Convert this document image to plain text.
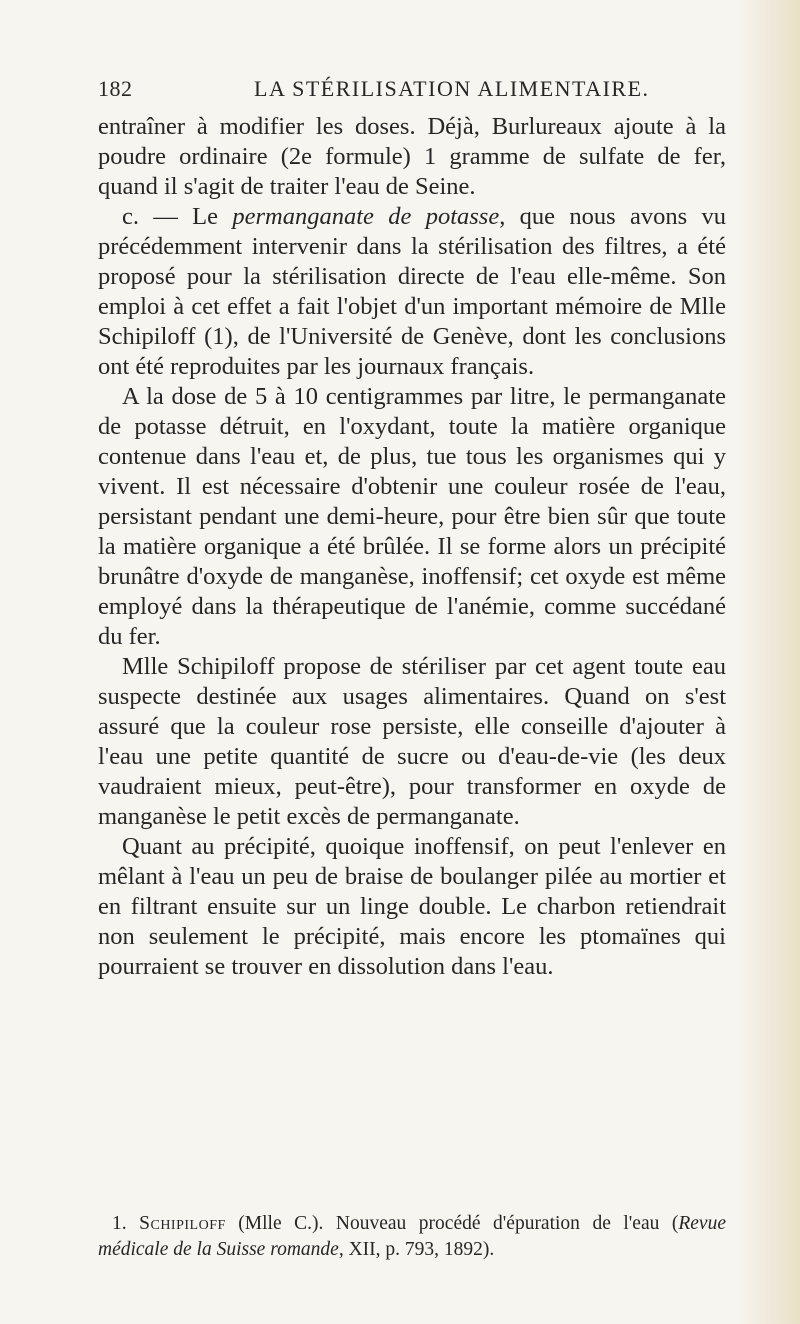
182	LA STÉRILISATION ALIMENTAIRE.

entraîner à modifier les doses. Déjà, Burlureaux ajoute à la poudre ordinaire (2e formule) 1 gramme de sulfate de fer, quand il s'agit de traiter l'eau de Seine.

c. — Le permanganate de potasse, que nous avons vu précédemment intervenir dans la stérilisation des filtres, a été proposé pour la stérilisation directe de l'eau elle-même. Son emploi à cet effet a fait l'objet d'un important mémoire de Mlle Schipiloff (1), de l'Université de Genève, dont les conclusions ont été reproduites par les journaux français.

A la dose de 5 à 10 centigrammes par litre, le permanganate de potasse détruit, en l'oxydant, toute la matière organique contenue dans l'eau et, de plus, tue tous les organismes qui y vivent. Il est nécessaire d'obtenir une couleur rosée de l'eau, persistant pendant une demi-heure, pour être bien sûr que toute la matière organique a été brûlée. Il se forme alors un précipité brunâtre d'oxyde de manganèse, inoffensif; cet oxyde est même employé dans la thérapeutique de l'anémie, comme succédané du fer.

Mlle Schipiloff propose de stériliser par cet agent toute eau suspecte destinée aux usages alimentaires. Quand on s'est assuré que la couleur rose persiste, elle conseille d'ajouter à l'eau une petite quantité de sucre ou d'eau-de-vie (les deux vaudraient mieux, peut-être), pour transformer en oxyde de manganèse le petit excès de permanganate.

Quant au précipité, quoique inoffensif, on peut l'enlever en mêlant à l'eau un peu de braise de boulanger pilée au mortier et en filtrant ensuite sur un linge double. Le charbon retiendrait non seulement le précipité, mais encore les ptomaïnes qui pourraient se trouver en dissolution dans l'eau.

1. Schipiloff (Mlle C.). Nouveau procédé d'épuration de l'eau (Revue médicale de la Suisse romande, XII, p. 793, 1892).
